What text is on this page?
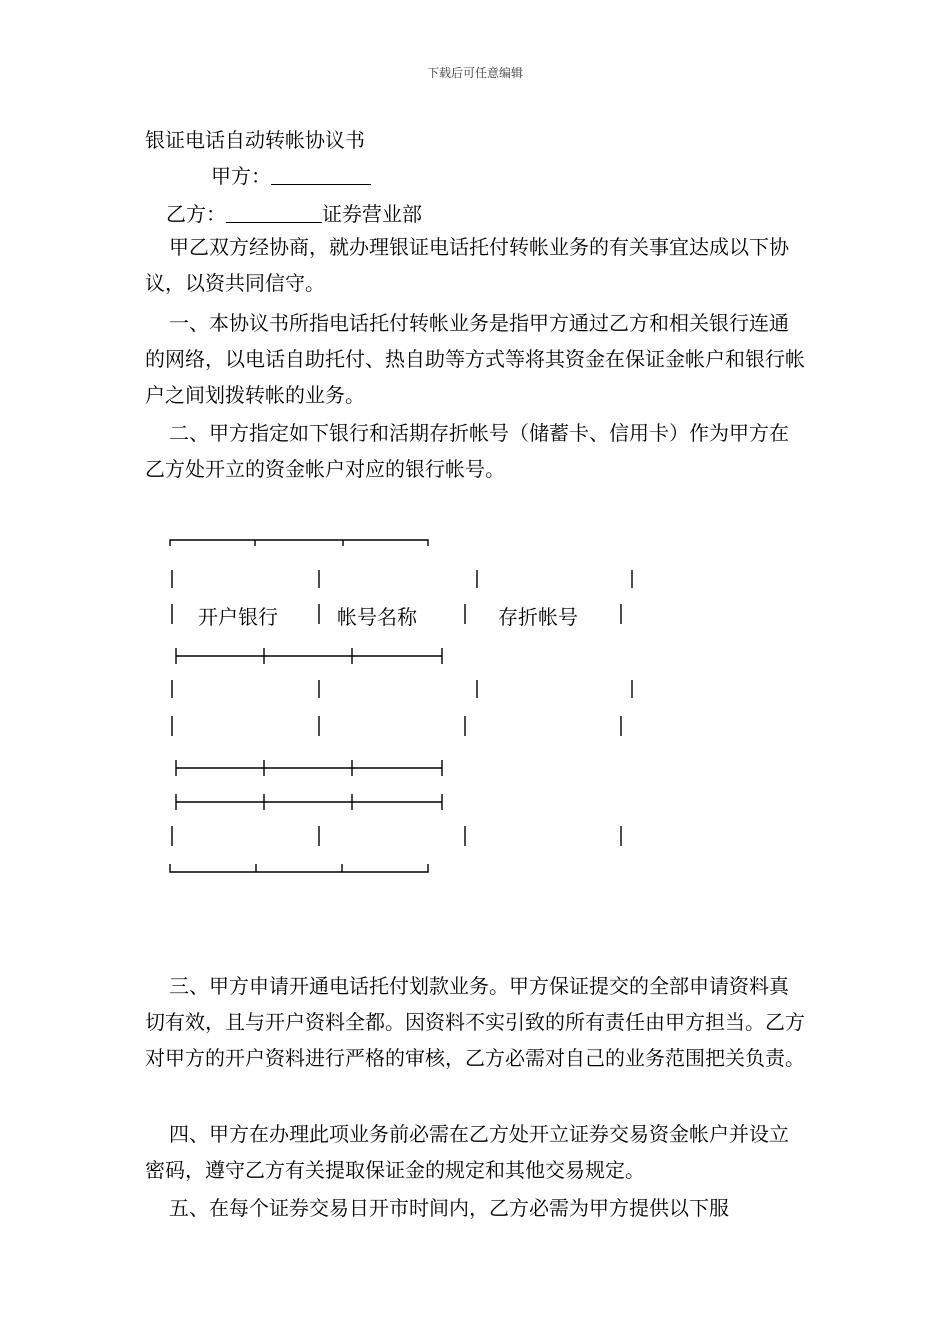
下载后可任意编辑
银证电话自动转帐协议书
甲方：
乙方：	证券营业部

甲乙双方经协商，就办理银证电话托付转帐业务的有关事宜达成以下协议，以资共同信守。

一、本协议书所指电话托付转帐业务是指甲方通过乙方和相关银行连通的网络，以电话自助托付、热自助等方式等将其资金在保证金帐户和银行帐户之间划拨转帐的业务。

二、甲方指定如下银行和活期存折帐号（储蓄卡、信用卡）作为甲方在乙方处开立的资金帐户对应的银行帐号。

开户银行	帐号名称	存折帐号

三、甲方申请开通电话托付划款业务。甲方保证提交的全部申请资料真切有效，且与开户资料全都。因资料不实引致的所有责任由甲方担当。乙方对甲方的开户资料进行严格的审核，乙方必需对自己的业务范围把关负责。

四、甲方在办理此项业务前必需在乙方处开立证券交易资金帐户并设立密码，遵守乙方有关提取保证金的规定和其他交易规定。

五、在每个证券交易日开市时间内，乙方必需为甲方提供以下服
